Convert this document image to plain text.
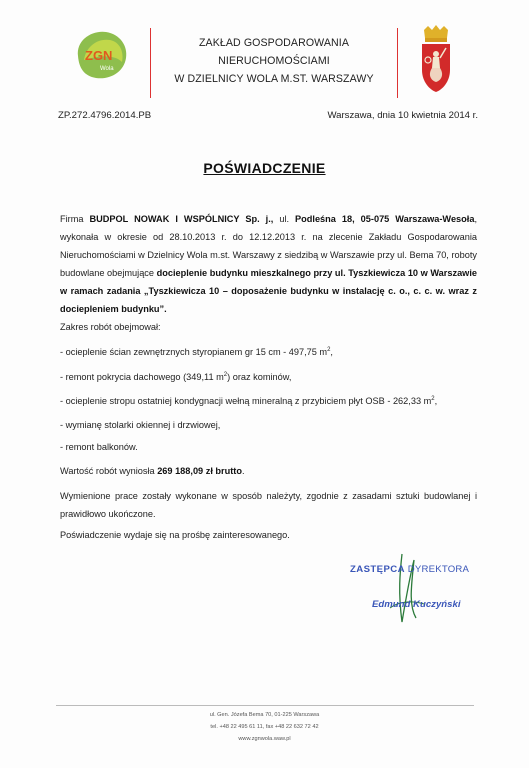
ZGN
Wola
ZAKŁAD GOSPODAROWANIA NIERUCHOMOŚCIAMI
W DZIELNICY WOLA M.ST. WARSZAWY
ZP.272.4796.2014.PB	Warszawa, dnia 10 kwietnia 2014 r.
POŚWIADCZENIE
Firma BUDPOL NOWAK I WSPÓLNICY Sp. j., ul. Podleśna 18, 05-075 Warszawa-Wesoła, wykonała w okresie od 28.10.2013 r. do 12.12.2013 r. na zlecenie Zakładu Gospodarowania Nieruchomościami w Dzielnicy Wola m.st. Warszawy z siedzibą w Warszawie przy ul. Bema 70, roboty budowlane obejmujące docieplenie budynku mieszkalnego przy ul. Tyszkiewicza 10 w Warszawie w ramach zadania „Tyszkiewicza 10 – doposażenie budynku w instalację c. o., c. c. w. wraz z dociepleniem budynku”.
Zakres robót obejmował:
- ocieplenie ścian zewnętrznych styropianem gr 15 cm - 497,75 $m^2$,
- remont pokrycia dachowego (349,11 $m^2$) oraz kominów,
- ocieplenie stropu ostatniej kondygnacji wełną mineralną z przybiciem płyt OSB - 262,33 $m^2$,
- wymianę stolarki okiennej i drzwiowej,
- remont balkonów.
Wartość robót wyniosła 269 188,09 zł brutto.
Wymienione prace zostały wykonane w sposób należyty, zgodnie z zasadami sztuki budowlanej i prawidłowo ukończone.
Poświadczenie wydaje się na prośbę zainteresowanego.
ZASTĘPCA DYREKTORA
Edmund Kuczyński
ul. Gen. Józefa Bema 70, 01-225 Warszawa
tel. +48 22 495 61 11, fax +48 22 632 72 42
www.zgnwola.waw.pl
